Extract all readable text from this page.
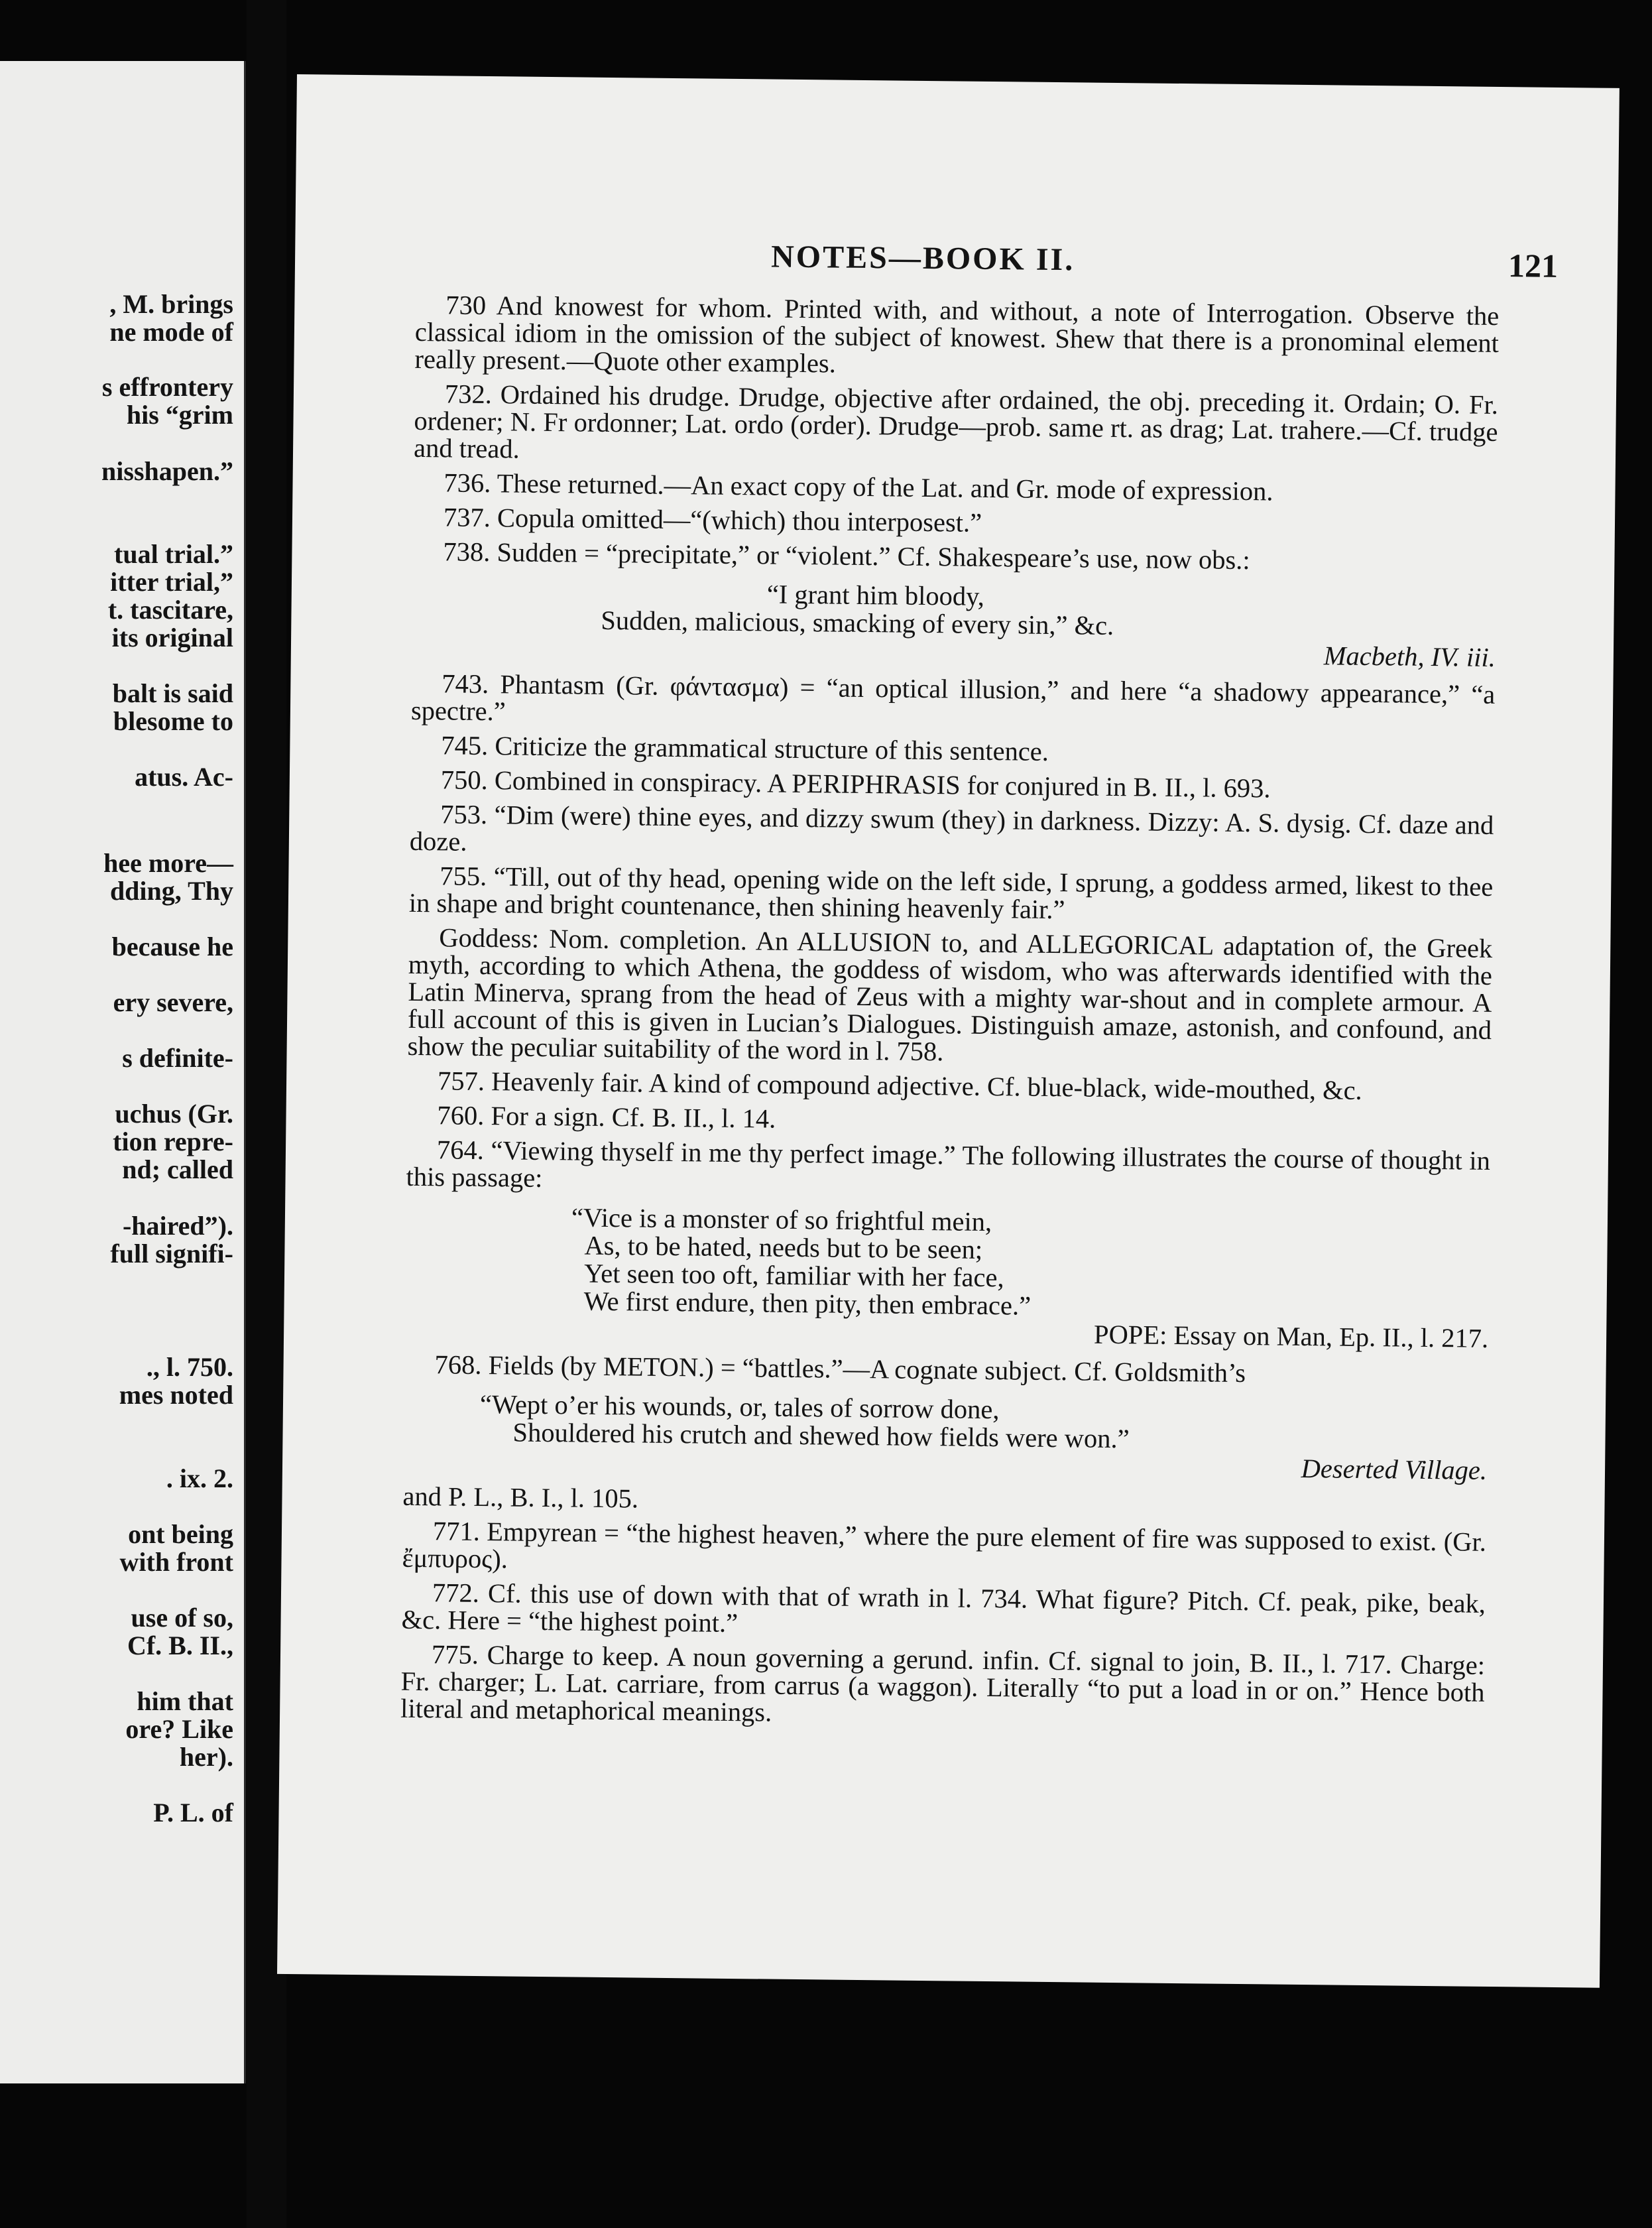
, M. brings
ne mode of
s effrontery
his “grim
nisshapen.”
tual trial.”
itter trial,”
t. tascitare,
its original
balt is said
blesome to
atus. Ac-
hee more—
dding, Thy
because he
ery severe,
s definite-
uchus (Gr.
tion repre-
nd; called
-haired”).
full signifi-
., l. 750.
mes noted
. ix. 2.
ont being
with front
use of so,
Cf. B. II.,
him that
ore? Like
her).
P. L. of
NOTES—BOOK II.	121

730 And knowest for whom. Printed with, and without, a note of Interrogation. Observe the classical idiom in the omission of the subject of knowest. Shew that there is a pronominal element really present.—Quote other examples.

732. Ordained his drudge. Drudge, objective after ordained, the obj. preceding it. Ordain; O. Fr. ordener; N. Fr ordonner; Lat. ordo (order). Drudge—prob. same rt. as drag; Lat. trahere.—Cf. trudge and tread.

736. These returned.—An exact copy of the Lat. and Gr. mode of expression.

737. Copula omitted—“(which) thou interposest.”

738. Sudden = “precipitate,” or “violent.” Cf. Shakespeare’s use, now obs.:

“I grant him bloody,

Sudden, malicious, smacking of every sin,” &c.

Macbeth, IV. iii.

743. Phantasm (Gr. φάντασμα) = “an optical illusion,” and here “a shadowy appearance,” “a spectre.”

745. Criticize the grammatical structure of this sentence.

750. Combined in conspiracy. A PERIPHRASIS for conjured in B. II., l. 693.

753. “Dim (were) thine eyes, and dizzy swum (they) in darkness. Dizzy: A. S. dysig. Cf. daze and doze.

755. “Till, out of thy head, opening wide on the left side, I sprung, a goddess armed, likest to thee in shape and bright countenance, then shining heavenly fair.”

Goddess: Nom. completion. An ALLUSION to, and ALLEGORICAL adaptation of, the Greek myth, according to which Athena, the goddess of wisdom, who was afterwards identified with the Latin Minerva, sprang from the head of Zeus with a mighty war-shout and in complete armour. A full account of this is given in Lucian’s Dialogues. Distinguish amaze, astonish, and confound, and show the peculiar suitability of the word in l. 758.

757. Heavenly fair. A kind of compound adjective. Cf. blue-black, wide-mouthed, &c.

760. For a sign. Cf. B. II., l. 14.

764. “Viewing thyself in me thy perfect image.” The following illustrates the course of thought in this passage:

“Vice is a monster of so frightful mein,

As, to be hated, needs but to be seen;

Yet seen too oft, familiar with her face,

We first endure, then pity, then embrace.”

POPE: Essay on Man, Ep. II., l. 217.

768. Fields (by METON.) = “battles.”—A cognate subject. Cf. Goldsmith’s

“Wept o’er his wounds, or, tales of sorrow done,

Shouldered his crutch and shewed how fields were won.”

Deserted Village.

and P. L., B. I., l. 105.

771. Empyrean = “the highest heaven,” where the pure element of fire was supposed to exist. (Gr. ἔμπυρος).

772. Cf. this use of down with that of wrath in l. 734. What figure? Pitch. Cf. peak, pike, beak, &c. Here = “the highest point.”

775. Charge to keep. A noun governing a gerund. infin. Cf. signal to join, B. II., l. 717. Charge: Fr. charger; L. Lat. carriare, from carrus (a waggon). Literally “to put a load in or on.” Hence both literal and metaphorical meanings.
